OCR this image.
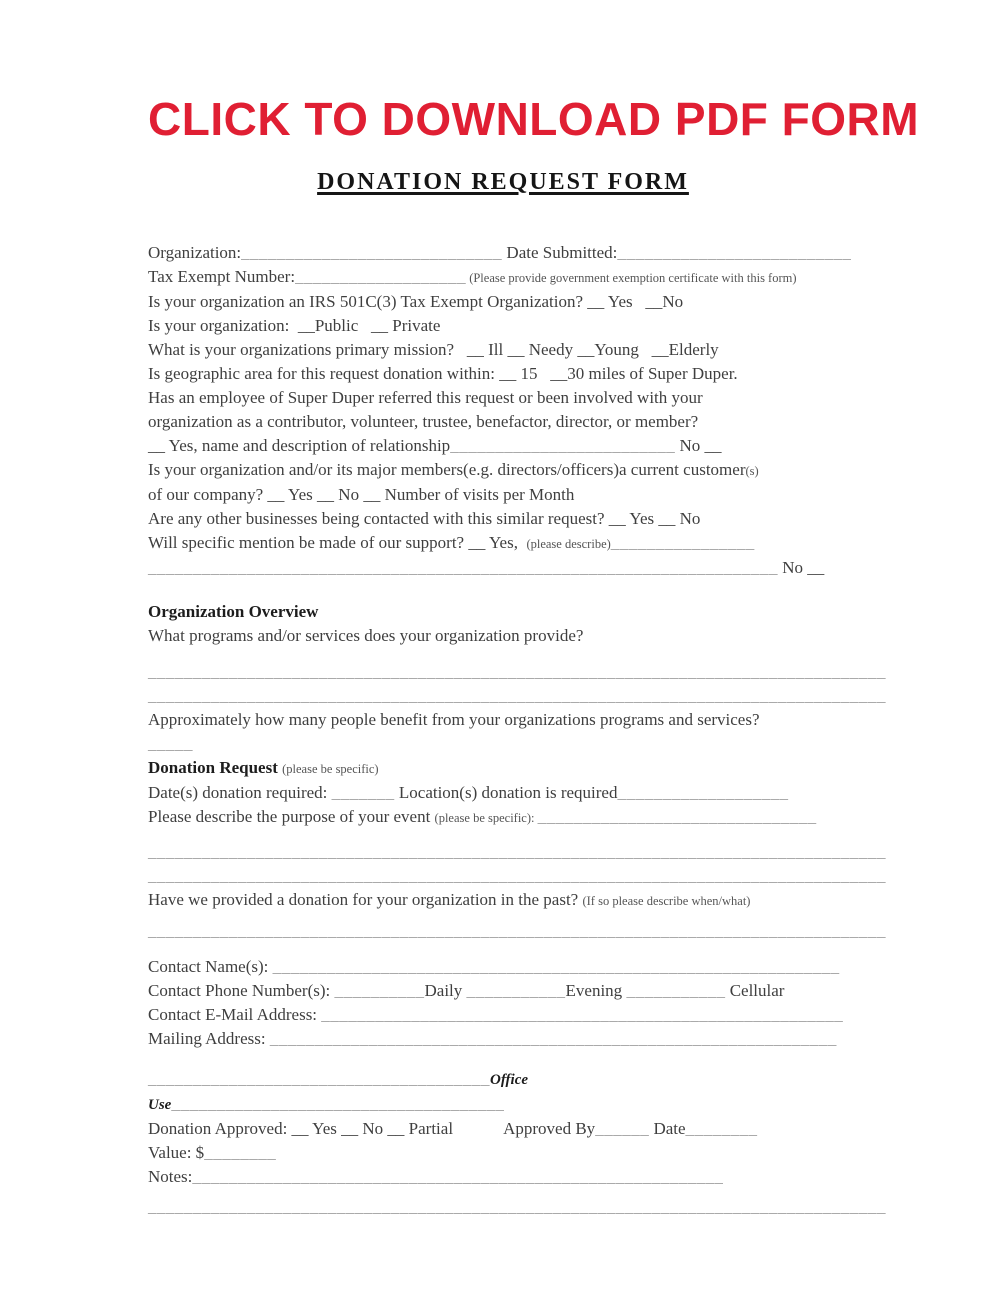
CLICK TO DOWNLOAD PDF FORM
DONATION REQUEST FORM
Organization:_____________________________ Date Submitted:__________________________
Tax Exempt Number:___________________ (Please provide government exemption certificate with this form)
Is your organization an IRS 501C(3) Tax Exempt Organization? __ Yes   __No
Is your organization:  __Public   __ Private
What is your organizations primary mission?   __ Ill __ Needy __Young   __Elderly
Is geographic area for this request donation within: __ 15   __30 miles of Super Duper.
Has an employee of Super Duper referred this request or been involved with your
organization as a contributor, volunteer, trustee, benefactor, director, or member?
__ Yes, name and description of relationship_________________________ No __
Is your organization and/or its major members(e.g. directors/officers)a current customer(s)
of our company? __ Yes __ No __ Number of visits per Month
Are any other businesses being contacted with this similar request? __ Yes __ No
Will specific mention be made of our support? __ Yes,  (please describe)________________
______________________________________________________________________ No __
Organization Overview
What programs and/or services does your organization provide?
__________________________________________________________________________________
__________________________________________________________________________________
Approximately how many people benefit from your organizations programs and services?
_____
Donation Request (please be specific)
Date(s) donation required: _______ Location(s) donation is required___________________
Please describe the purpose of your event (please be specific): _______________________________
__________________________________________________________________________________
__________________________________________________________________________________
Have we provided a donation for your organization in the past? (If so please describe when/what)
__________________________________________________________________________________
Contact Name(s): _______________________________________________________________
Contact Phone Number(s): __________Daily ___________Evening ___________ Cellular
Contact E-Mail Address: __________________________________________________________
Mailing Address: _______________________________________________________________
______________________________________Office Use_____________________________________
Donation Approved: __ Yes __ No __ Partial            Approved By______ Date________
Value: $________  Notes:___________________________________________________________
__________________________________________________________________________________
